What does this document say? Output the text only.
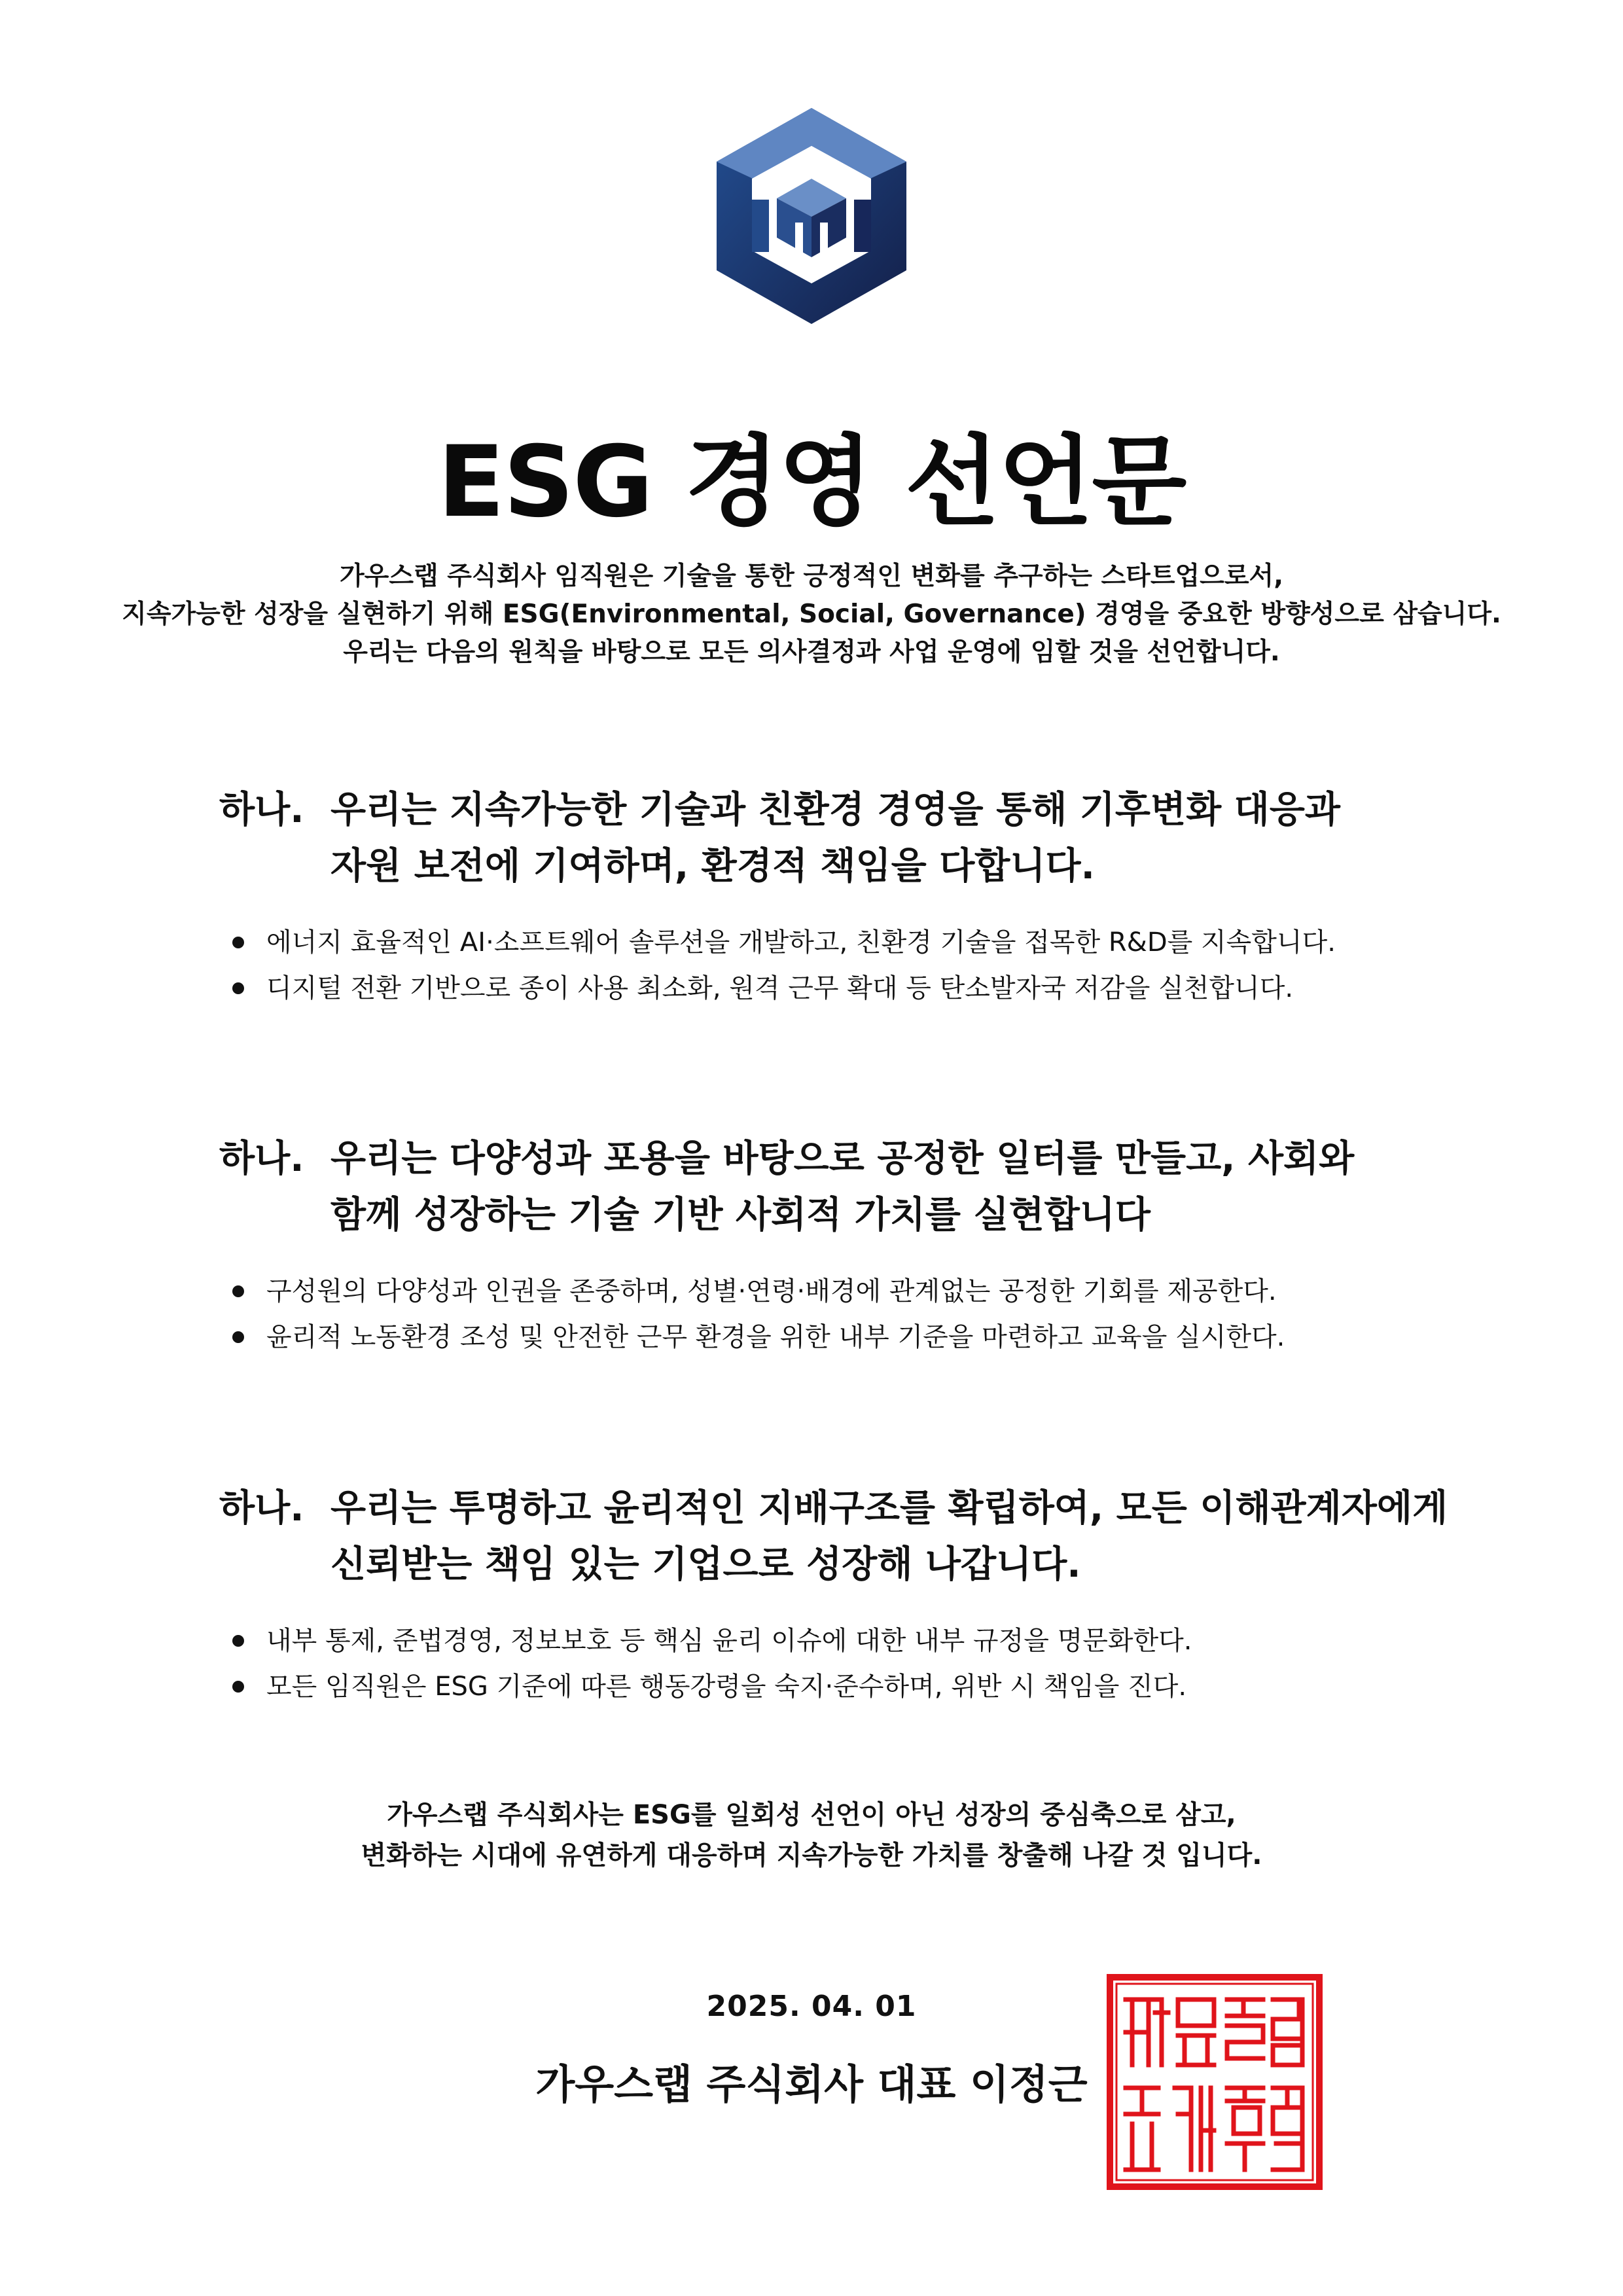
ESG 경영 선언문
가우스랩 주식회사 임직원은 기술을 통한 긍정적인 변화를 추구하는 스타트업으로서,
지속가능한 성장을 실현하기 위해 ESG(Environmental, Social, Governance) 경영을 중요한 방향성으로 삼습니다.
우리는 다음의 원칙을 바탕으로 모든 의사결정과 사업 운영에 임할 것을 선언합니다.
하나. 우리는 지속가능한 기술과 친환경 경영을 통해 기후변화 대응과
자원 보전에 기여하며, 환경적 책임을 다합니다.
에너지 효율적인 AI·소프트웨어 솔루션을 개발하고, 친환경 기술을 접목한 R&D를 지속합니다.
디지털 전환 기반으로 종이 사용 최소화, 원격 근무 확대 등 탄소발자국 저감을 실천합니다.
하나. 우리는 다양성과 포용을 바탕으로 공정한 일터를 만들고, 사회와
함께 성장하는 기술 기반 사회적 가치를 실현합니다
구성원의 다양성과 인권을 존중하며, 성별·연령·배경에 관계없는 공정한 기회를 제공한다.
윤리적 노동환경 조성 및 안전한 근무 환경을 위한 내부 기준을 마련하고 교육을 실시한다.
하나. 우리는 투명하고 윤리적인 지배구조를 확립하여, 모든 이해관계자에게
신뢰받는 책임 있는 기업으로 성장해 나갑니다.
내부 통제, 준법경영, 정보보호 등 핵심 윤리 이슈에 대한 내부 규정을 명문화한다.
모든 임직원은 ESG 기준에 따른 행동강령을 숙지·준수하며, 위반 시 책임을 진다.
가우스랩 주식회사는 ESG를 일회성 선언이 아닌 성장의 중심축으로 삼고,
변화하는 시대에 유연하게 대응하며 지속가능한 가치를 창출해 나갈 것 입니다.
2025. 04. 01
가우스랩 주식회사 대표 이정근
